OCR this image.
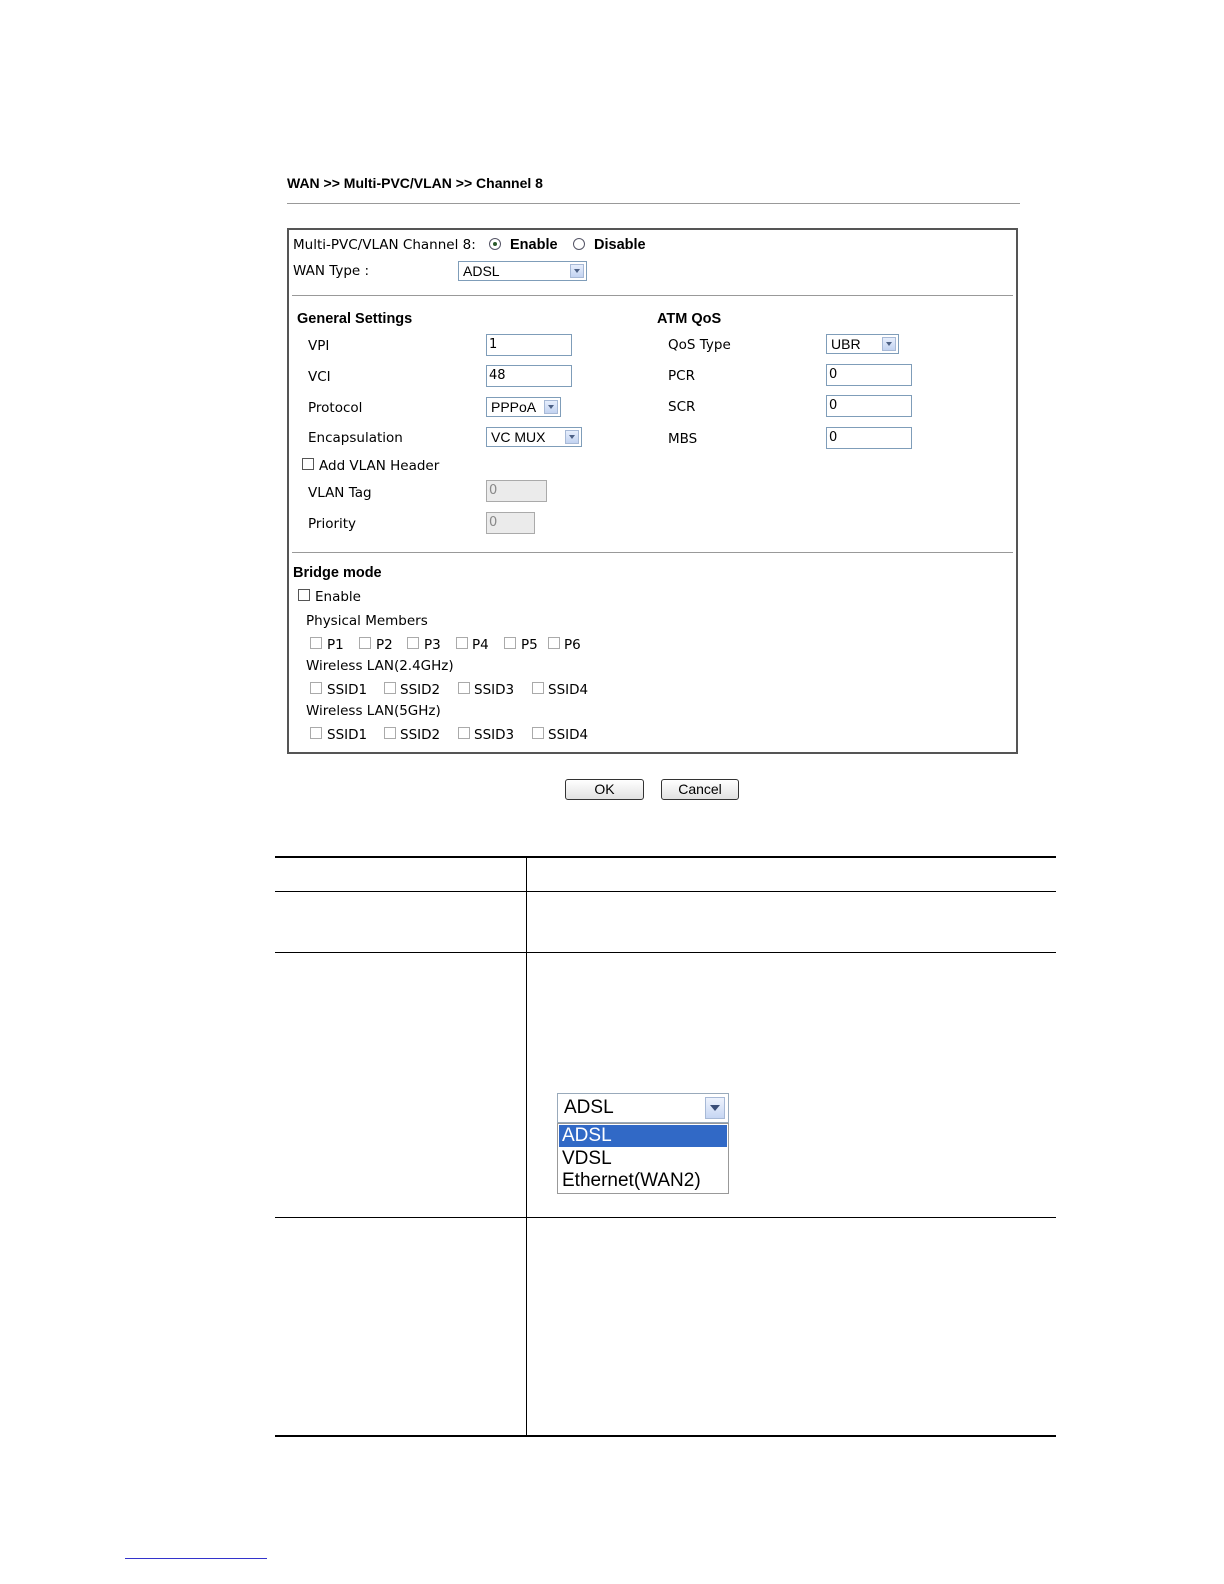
WAN >> Multi-PVC/VLAN >> Channel 8
Multi-PVC/VLAN Channel 8: Enable	Disable
WAN Type :	ADSL
General Settings
VPI	1
VCI	48
Protocol	PPPoA
Encapsulation	VC MUX
Add VLAN Header
VLAN Tag	0
Priority	0
ATM QoS
QoS Type	UBR
PCR	0
SCR	0
MBS	0
Bridge mode
Enable
Physical Members
P1 P2 P3 P4 P5 P6
Wireless LAN(2.4GHz)
SSID1 SSID2	SSID3	SSID4
Wireless LAN(5GHz)
SSID1 SSID2	SSID3	SSID4
OK	Cancel
ADSL
ADSL
VDSL
Ethernet(WAN2)
